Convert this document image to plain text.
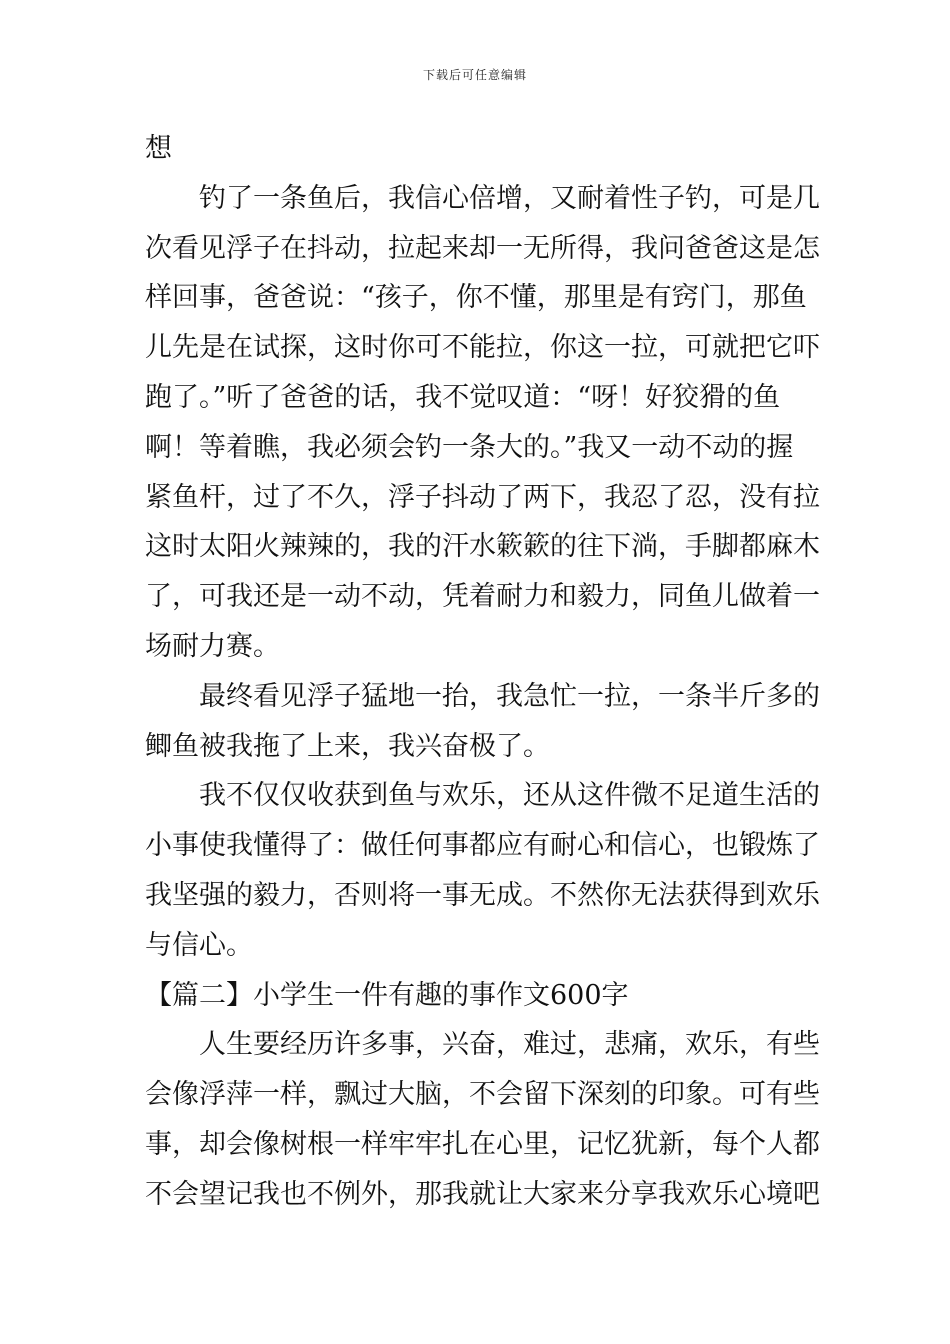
下载后可任意编辑
想
　　钓了一条鱼后，我信心倍增，又耐着性子钓，可是几
次看见浮子在抖动，拉起来却一无所得，我问爸爸这是怎
样回事，爸爸说：“孩子，你不懂，那里是有窍门，那鱼
儿先是在试探，这时你可不能拉，你这一拉，可就把它吓
跑了。”听了爸爸的话，我不觉叹道：“呀！好狡猾的鱼
啊！等着瞧，我必须会钓一条大的。”我又一动不动的握
紧鱼杆，过了不久，浮子抖动了两下，我忍了忍，没有拉
这时太阳火辣辣的，我的汗水簌簌的往下淌，手脚都麻木
了，可我还是一动不动，凭着耐力和毅力，同鱼儿做着一
场耐力赛。
　　最终看见浮子猛地一抬，我急忙一拉，一条半斤多的
鲫鱼被我拖了上来，我兴奋极了。
　　我不仅仅收获到鱼与欢乐，还从这件微不足道生活的
小事使我懂得了：做任何事都应有耐心和信心，也锻炼了
我坚强的毅力，否则将一事无成。不然你无法获得到欢乐
与信心。
【篇二】小学生一件有趣的事作文600字
　　人生要经历许多事，兴奋，难过，悲痛，欢乐，有些
会像浮萍一样，飘过大脑，不会留下深刻的印象。可有些
事，却会像树根一样牢牢扎在心里，记忆犹新，每个人都
不会望记我也不例外，那我就让大家来分享我欢乐心境吧
